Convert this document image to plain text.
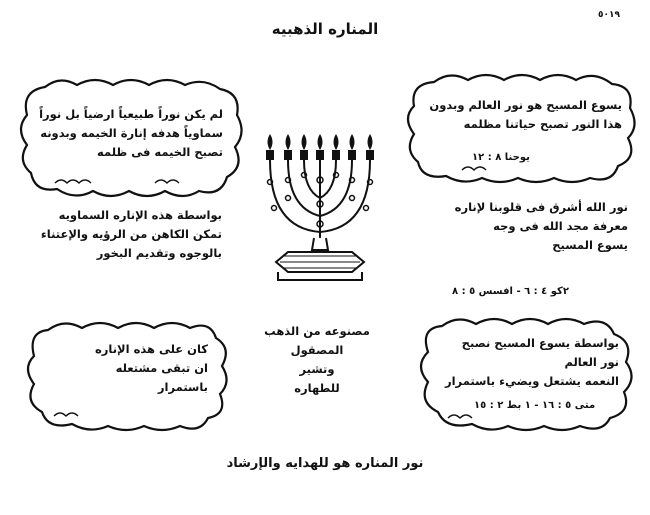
٥٠١٩
المناره الذهبيه
لم يكن نوراً طبيعياً ارضياً بل نوراً
سماوياً هدفه إنارة الخيمه وبدونه
تصبح الخيمه فى ظلمه
يسوع المسيح هو نور العالم وبدون
هذا النور تصبح حياتنا مظلمه
يوحنا ٨ : ١٢
بواسطة هذه الإناره السماويه
تمكن الكاهن من الرؤيه والإعتناء
بالوجوه وتقديم البخور
نور الله أشرق فى قلوبنا لإناره
معرفة مجد الله فى وجه
يسوع المسيح
٢كو ٤ : ٦ - افسس ٥ : ٨
مصنوعه من الذهب
المصقول
وتشير
للطهاره
كان على هذه الإناره
ان تبقى مشتعله
باستمرار
بواسطة يسوع المسيح نصبح
نور العالم
النعمه يشتعل ويضيء باستمرار
متى ٥ : ١٦ - ١ بط ٢ : ١٥
نور المناره هو للهدايه والإرشاد
